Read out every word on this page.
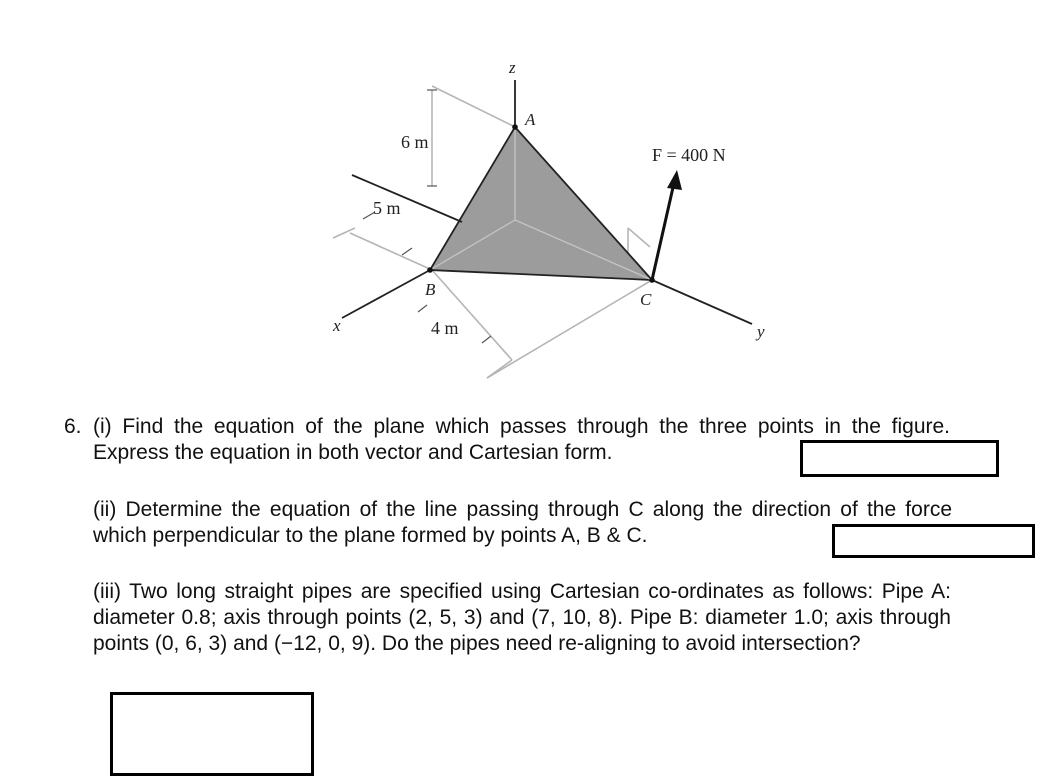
z
A
B
C
x	y
6 m
5 m
4 m
F = 400 N
6. (i) Find the equation of the plane which passes through the three points in the figure. Express the equation in both vector and Cartesian form.
(ii) Determine the equation of the line passing through C along the direction of the force which perpendicular to the plane formed by points A, B & C.
(iii) Two long straight pipes are specified using Cartesian co-ordinates as follows: Pipe A: diameter 0.8; axis through points (2, 5, 3) and (7, 10, 8). Pipe B: diameter 1.0; axis through points (0, 6, 3) and (−12, 0, 9). Do the pipes need re-aligning to avoid intersection?
